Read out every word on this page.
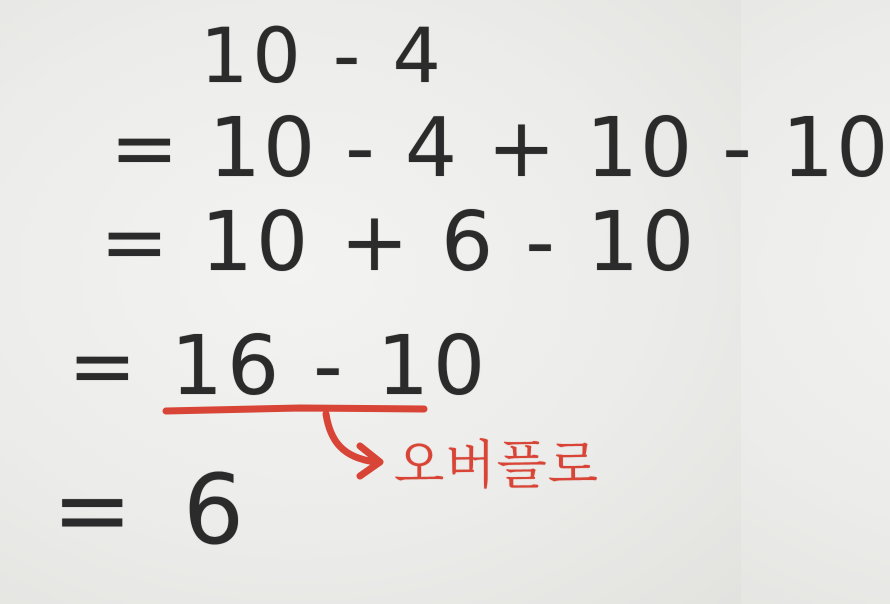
10 - 4

= 10 - 4 + 10 - 10

= 10 + 6 - 10

= 16 - 10

= 6	오버플로
